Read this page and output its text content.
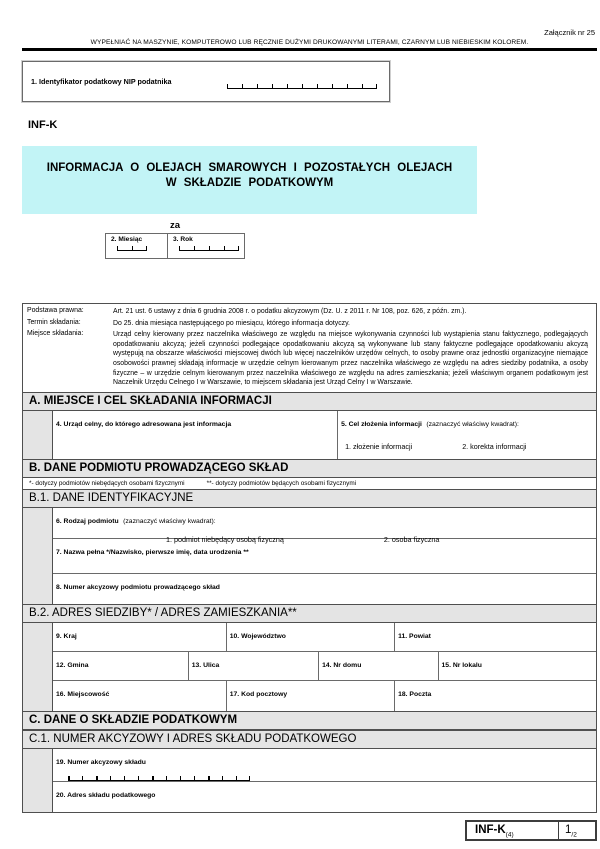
Załącznik nr 25
WYPEŁNIAĆ NA MASZYNIE, KOMPUTEROWO LUB RĘCZNIE DUŻYMI DRUKOWANYMI LITERAMI, CZARNYM LUB NIEBIESKIM KOLOREM.
1. Identyfikator podatkowy NIP podatnika
INF-K
INFORMACJA O OLEJACH SMAROWYCH I POZOSTAŁYCH OLEJACH
W SKŁADZIE PODATKOWYM
za
2. Miesiąc	3. Rok
Podstawa prawna:	Art. 21 ust. 6 ustawy z dnia 6 grudnia 2008 r. o podatku akcyzowym (Dz. U. z 2011 r. Nr 108, poz. 626, z późn. zm.).
Termin składania:	Do 25. dnia miesiąca następującego po miesiącu, którego informacja dotyczy.
Miejsce składania:	Urząd celny kierowany przez naczelnika właściwego ze względu na miejsce wykonywania czynności lub wystąpienia stanu faktycznego, podlegających opodatkowaniu akcyzą; jeżeli czynności podlegające opodatkowaniu akcyzą są wykonywane lub stany faktyczne podlegające opodatkowaniu akcyzą występują na obszarze właściwości miejscowej dwóch lub więcej naczelników urzędów celnych, to osoby prawne oraz jednostki organizacyjne niemające osobowości prawnej składają informacje w urzędzie celnym kierowanym przez naczelnika właściwego ze względu na adres siedziby podatnika, a osoby fizyczne – w urzędzie celnym kierowanym przez naczelnika właściwego ze względu na adres zamieszkania; jeżeli właściwym organem podatkowym jest Naczelnik Urzędu Celnego I w Warszawie, to miejscem składania jest Urząd Celny I w Warszawie.
A. MIEJSCE I CEL SKŁADANIA INFORMACJI
4. Urząd celny, do którego adresowana jest informacja	5. Cel złożenia informacji (zaznaczyć właściwy kwadrat):
1. złożenie informacji	2. korekta informacji
B. DANE PODMIOTU PROWADZĄCEGO SKŁAD
*- dotyczy podmiotów niebędących osobami fizycznymi	**- dotyczy podmiotów będących osobami fizycznymi
B.1. DANE IDENTYFIKACYJNE
6. Rodzaj podmiotu (zaznaczyć właściwy kwadrat):
1. podmiot niebędący osobą fizyczną	2. osoba fizyczna
7. Nazwa pełna */Nazwisko, pierwsze imię, data urodzenia **
8. Numer akcyzowy podmiotu prowadzącego skład
B.2. ADRES SIEDZIBY* / ADRES ZAMIESZKANIA**
9. Kraj	10. Województwo	11. Powiat
12. Gmina	13. Ulica	14. Nr domu	15. Nr lokalu
16. Miejscowość	17. Kod pocztowy	18. Poczta
C. DANE O SKŁADZIE PODATKOWYM
C.1. NUMER AKCYZOWY I ADRES SKŁADU PODATKOWEGO
19. Numer akcyzowy składu
20. Adres składu podatkowego
INF-$K_{(4)}$	$1_{/2}$
